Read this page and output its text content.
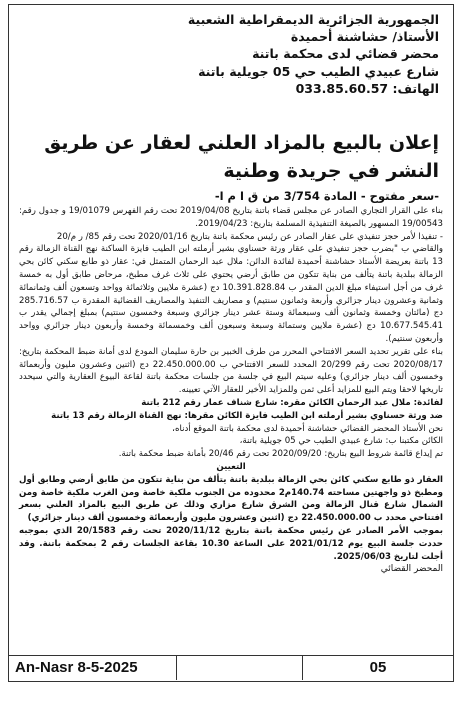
الجمهورية الجزائرية الديمقراطية الشعبية
الأستاذ/ حشاشنة أحميدة
محضر قضائي لدى محكمة باتنة
شارع عبيدي الطيب حي 05 جويلية باتنة
الهاتف: 033.85.60.57
إعلان بالبيع بالمزاد العلني لعقار عن طريق النشر في جريدة وطنية
-سعر مفتوح - المادة 3/754 من ق ا م ا-

بناء على القرار التجاري الصادر عن مجلس قضاء باتنة بتاريخ 2019/04/08 تحت رقم الفهرس 19/01079 و جدول رقم: 19/00543 المسهور بالصيغة التنفيذية المسلمة بتاريخ: 2019/04/23.

- تنفيذا لأمر حجز تنفيذي على عقار الصادر عن رئيس محكمة باتنة بتاريخ 2020/01/16 تحت رقم 85/ ر م/20

والقاضي ب "بضرب حجز تنفيذي على عقار ورثة حسناوي بشير أرملته ابن الطيب فايزة الساكنة نهج القناة الزمالة رقم 13 باتنة بعريضة الأستاذ حشاشنة أحميدة لفائدة الدائن: ملال عبد الرحمان المتمثل في: عقار ذو طابع سكني كائن بحي الزمالة ببلدية باتنة يتألف من بناية تتكون من طابق أرضي يحتوي على ثلاث غرف مطبخ، مرحاض طابق أول به خمسة غرف من أجل استيفاء مبلغ الدين المقدر ب 10.391.828.84 دج (عشرة ملايين وثلاثمائة وواحد وتسعون ألف وثمانمائة وثمانية وعشرون دينار جزائري وأربعة وثمانون سنتيم) و مصاريف التنفيذ والمصاريف القضائية المقدرة ب 285.716.57 دج (مائتان وخمسة وثمانون ألف وسبعمائة وستة عشر دينار جزائري وسبعة وخمسون سنتيم) بمبلغ إجمالي يقدر ب 10.677.545.41 دج (عشرة ملايين وستمائة وسبعة وسبعون ألف وخمسمائة وخمسة وأربعون دينار جزائري وواحد وأربعون سنتيم).

بناء على تقرير تحديد السعر الافتتاحي المحرر من طرف الخبير بن حارة سليمان المودع لدى أمانة ضبط المحكمة بتاريخ: 2020/08/17 تحت رقم 20/299 المحدد للسعر الافتتاحي ب 22.450.000.00 دج (اثنين وعشرون مليون وأربعمائة وخمسون ألف دينار جزائري) وعليه سيتم البيع في جلسة من جلسات محكمة باتنة لقاعة البيوع العقارية والتي سيحدد تاريخها لاحقا ويتم البيع للمزايد أعلى ثمن وللمزايد الأخير للعقار الآتي تعيينه.

لفائدة: ملال عبد الرحمان الكائن مقره: شارع شناف عمار رقم 212 باتنة

ضد ورثة حسناوي بشير أرملته ابن الطيب فايزة الكائن مقرها: نهج القناة الزمالة رقم 13 باتنة

نحن الأستاذ المحضر القضائي حشاشنة أحميدة لدى محكمة باتنة الموقع أدناه،

الكائن مكتبنا ب: شارع عبيدي الطيب حي 05 جويلية باتنة،

تم إيداع قائمة شروط البيع بتاريخ: 2020/09/20 تحت رقم 20/46 بأمانة ضبط محكمة باتنة.

التعيين

العقار ذو طابع سكني كائن بحي الزمالة ببلدية باتنة يتألف من بناية تتكون من طابق أرضي وطابق أول ومطبخ ذو واجهتين مساحته 140.74م2 محدوده من الجنوب ملكية خاصة ومن الغرب ملكية خاصة ومن الشمال شارع قنال الزمالة ومن الشرق شارع مزاري وذلك عن طريق البيع بالمزاد العلني بسعر افتتاحي محدد ب 22.450.000.00 دج (اثنين وعشرون مليون وأربعمائة وخمسون ألف دينار جزائري)

بموجب الأمر الصادر عن رئيس محكمة باتنة بتاريخ 2020/11/12 تحت رقم 20/1583 الذي بموجبه حددت جلسة البيع يوم 2021/01/12 على الساعة 10.30 بقاعة الجلسات رقم 2 بمحكمة باتنة. وقد أجلت لتاريخ 2025/06/03.

المحضر القضائي

An-Nasr 8-5-2025	05
